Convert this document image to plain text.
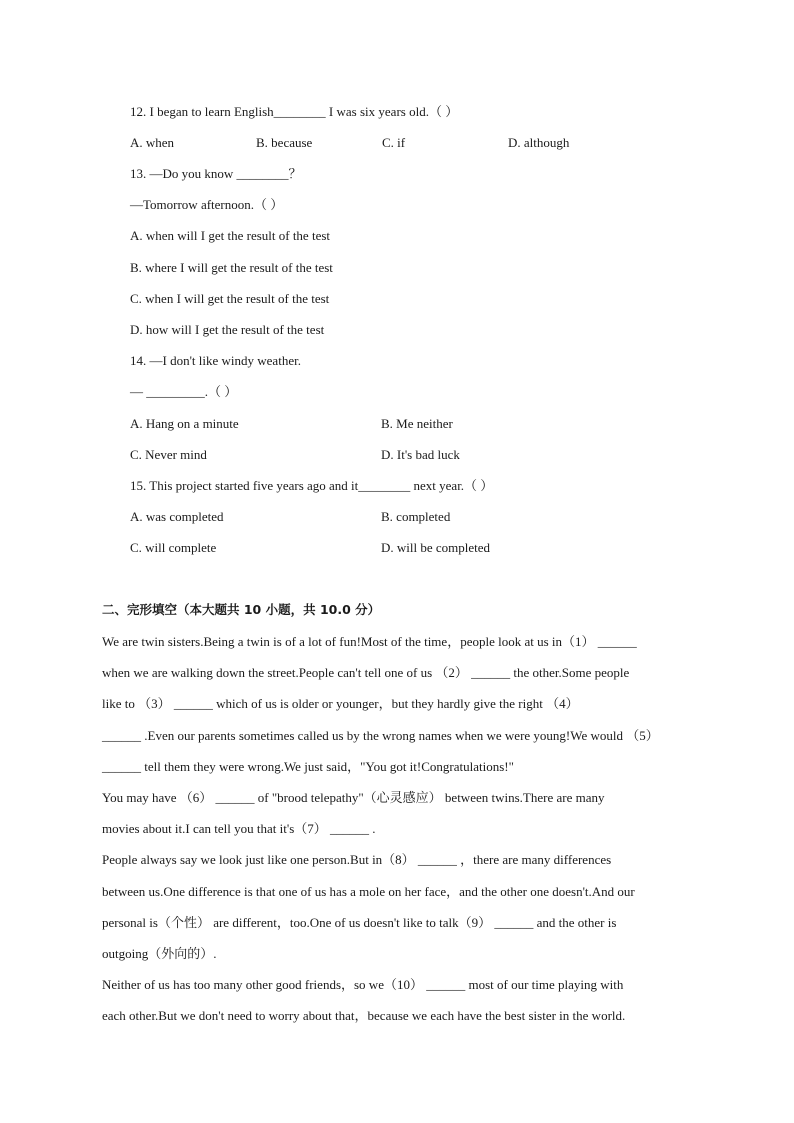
12. I began to learn English________ I was six years old.（ ）
A. when	B. because	C. if	D. although
13. —Do you know ________？
—Tomorrow afternoon.（ ）
A. when will I get the result of the test
B. where I will get the result of the test
C. when I will get the result of the test
D. how will I get the result of the test
14. —I don't like windy weather.
— _________.（ ）
A. Hang on a minute	B. Me neither
C. Never mind	D. It's bad luck
15. This project started five years ago and it________ next year.（ ）
A. was completed	B. completed
C. will complete	D. will be completed
二、完形填空（本大题共 10 小题，共 10.0 分）
We are twin sisters.Being a twin is of a lot of fun!Most of the time，people look at us in（1） ______
when we are walking down the street.People can't tell one of us （2） ______ the other.Some people
like to （3） ______ which of us is older or younger，but they hardly give the right （4）
______ .Even our parents sometimes called us by the wrong names when we were young!We would （5）
______ tell them they were wrong.We just said，"You got it!Congratulations!"
You may have （6） ______ of "brood telepathy"（心灵感应） between twins.There are many
movies about it.I can tell you that it's（7） ______ .
People always say we look just like one person.But in（8） ______ ，there are many differences
between us.One difference is that one of us has a mole on her face，and the other one doesn't.And our
personal is（个性） are different，too.One of us doesn't like to talk（9） ______ and the other is
outgoing（外向的）.
Neither of us has too many other good friends，so we（10） ______ most of our time playing with
each other.But we don't need to worry about that，because we each have the best sister in the world.
